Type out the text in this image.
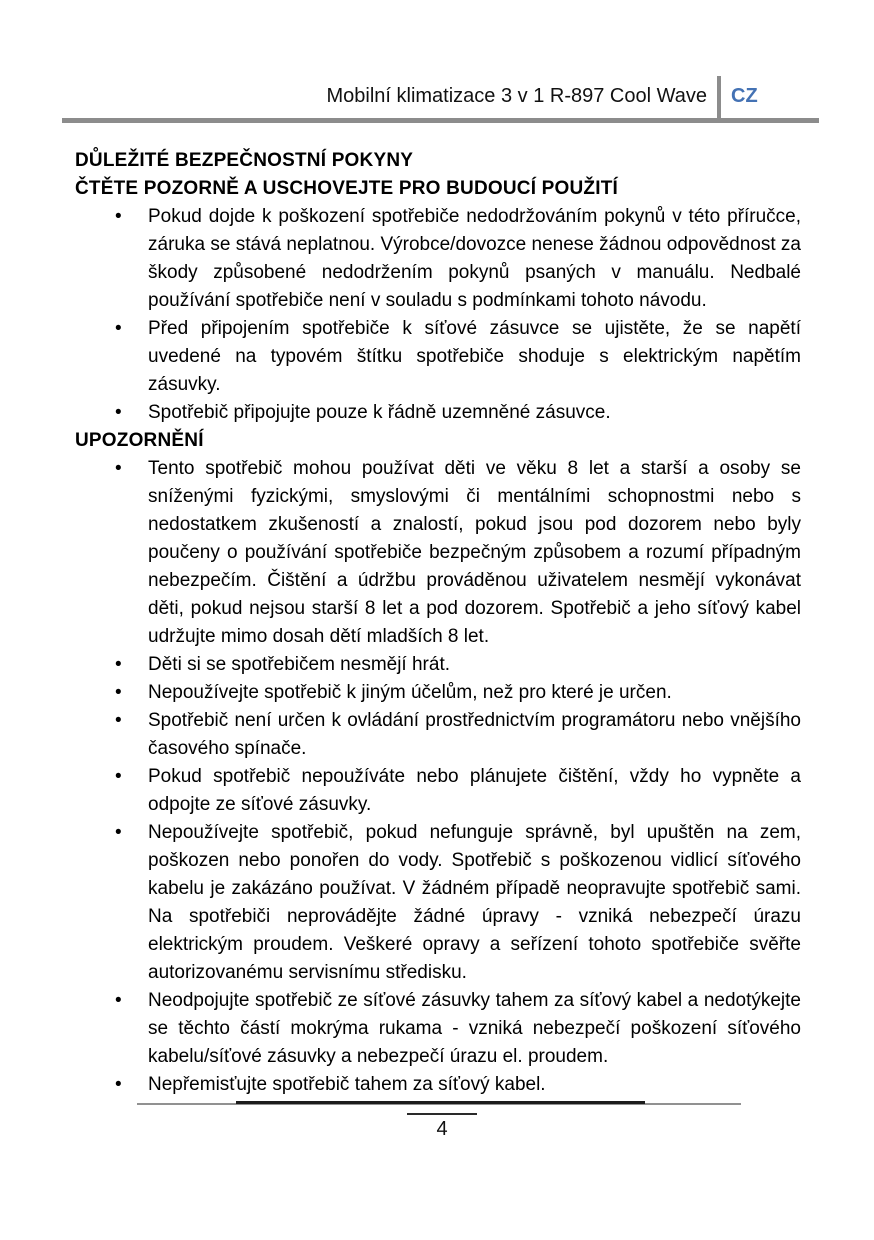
Mobilní klimatizace 3 v 1 R-897 Cool Wave CZ
DŮLEŽITÉ BEZPEČNOSTNÍ POKYNY
ČTĚTE POZORNĚ A USCHOVEJTE PRO BUDOUCÍ POUŽITÍ
• Pokud dojde k poškození spotřebiče nedodržováním pokynů v této příručce, záruka se stává neplatnou. Výrobce/dovozce nenese žádnou odpovědnost za škody způsobené nedodržením pokynů psaných v manuálu. Nedbalé používání spotřebiče není v souladu s podmínkami tohoto návodu.
• Před připojením spotřebiče k síťové zásuvce se ujistěte, že se napětí uvedené na typovém štítku spotřebiče shoduje s elektrickým napětím zásuvky.
• Spotřebič připojujte pouze k řádně uzemněné zásuvce.
UPOZORNĚNÍ
• Tento spotřebič mohou používat děti ve věku 8 let a starší a osoby se sníženými fyzickými, smyslovými či mentálními schopnostmi nebo s nedostatkem zkušeností a znalostí, pokud jsou pod dozorem nebo byly poučeny o používání spotřebiče bezpečným způsobem a rozumí případným nebezpečím. Čištění a údržbu prováděnou uživatelem nesmějí vykonávat děti, pokud nejsou starší 8 let a pod dozorem. Spotřebič a jeho síťový kabel udržujte mimo dosah dětí mladších 8 let.
• Děti si se spotřebičem nesmějí hrát.
• Nepoužívejte spotřebič k jiným účelům, než pro které je určen.
• Spotřebič není určen k ovládání prostřednictvím programátoru nebo vnějšího časového spínače.
• Pokud spotřebič nepoužíváte nebo plánujete čištění, vždy ho vypněte a odpojte ze síťové zásuvky.
• Nepoužívejte spotřebič, pokud nefunguje správně, byl upuštěn na zem, poškozen nebo ponořen do vody. Spotřebič s poškozenou vidlicí síťového kabelu je zakázáno používat. V žádném případě neopravujte spotřebič sami. Na spotřebiči neprovádějte žádné úpravy - vzniká nebezpečí úrazu elektrickým proudem. Veškeré opravy a seřízení tohoto spotřebiče svěřte autorizovanému servisnímu středisku.
• Neodpojujte spotřebič ze síťové zásuvky tahem za síťový kabel a nedotýkejte se těchto částí mokrýma rukama - vzniká nebezpečí poškození síťového kabelu/síťové zásuvky a nebezpečí úrazu el. proudem.
• Nepřemisťujte spotřebič tahem za síťový kabel.
4
